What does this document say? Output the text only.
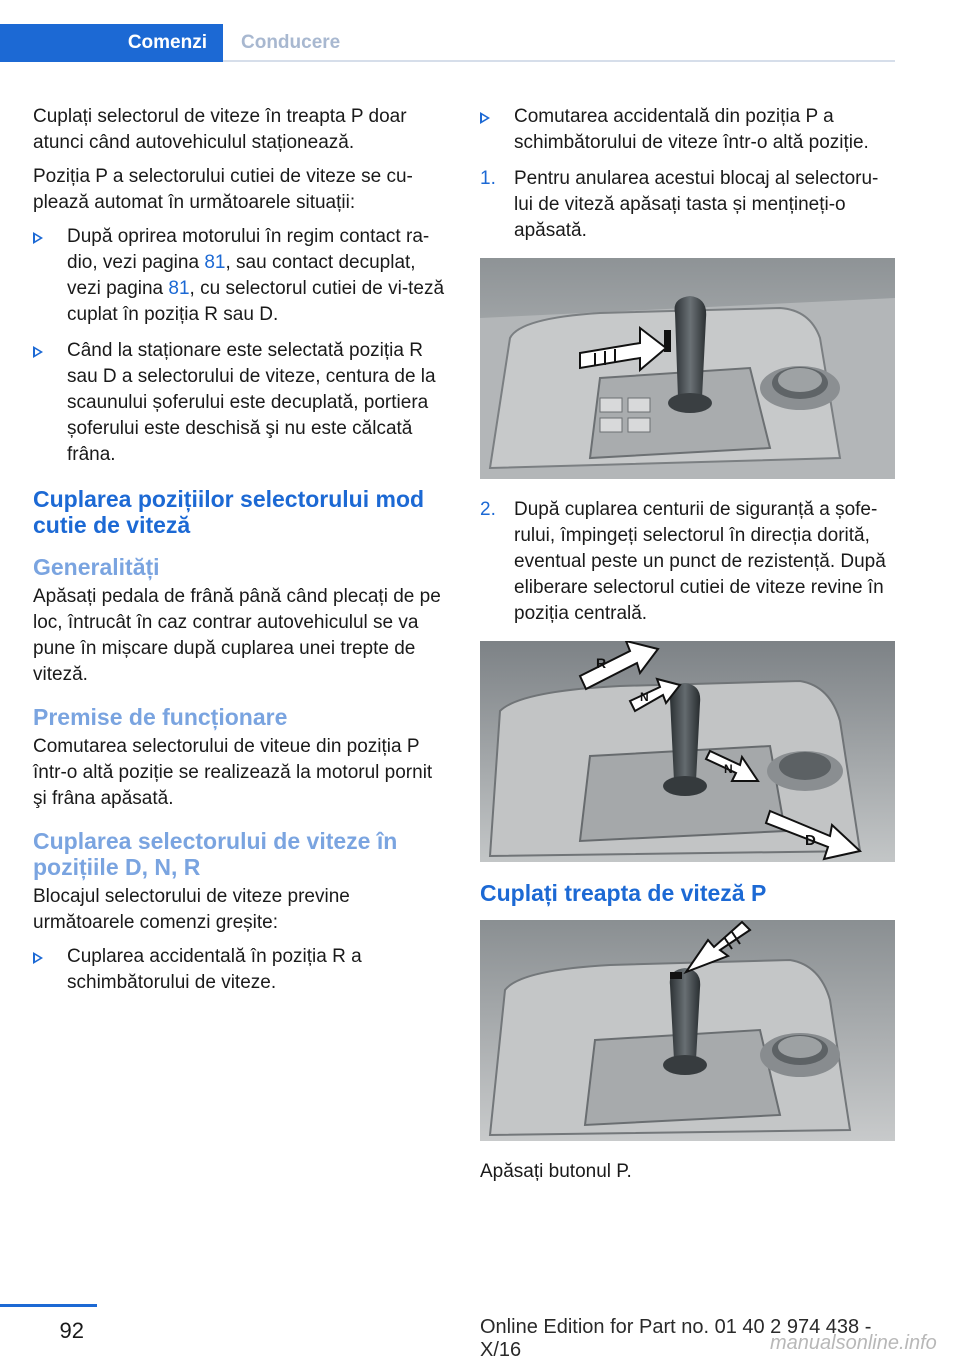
Comenzi	Conducere

Cuplați selectorul de viteze în treapta P doar atunci când autovehiculul staționează.

Poziția P a selectorului cutiei de viteze se cu‐plează automat în următoarele situații:

După oprirea motorului în regim contact ra‐dio, vezi pagina 81, sau contact decuplat, vezi pagina 81, cu selectorul cutiei de vi‐teză cuplat în poziția R sau D.
Când la staționare este selectată poziția R sau D a selectorului de viteze, centura de la scaunului șoferului este decuplată, portiera șoferului este deschisă şi nu este călcată frâna.
Cuplarea pozițiilor selectorului mod cutie de viteză
Generalități

Apăsați pedala de frână până când plecați de pe loc, întrucât în caz contrar autovehiculul se va pune în mișcare după cuplarea unei trepte de viteză.

Premise de funcționare

Comutarea selectorului de viteue din poziția P într-o altă poziție se realizează la motorul pornit şi frâna apăsată.

Cuplarea selectorului de viteze în pozițiile D, N, R

Blocajul selectorului de viteze previne următoarele comenzi greșite:

Cuplarea accidentală în poziția R a schimbătorului de viteze.
Comutarea accidentală din poziția P a schimbătorului de viteze într-o altă poziție.
1. Pentru anularea acestui blocaj al selectoru‐lui de viteză apăsați tasta și mențineți-o apăsată.
2. După cuplarea centurii de siguranță a șofe‐rului, împingeți selectorul în direcția dorită, eventual peste un punct de rezistență. După eliberare selectorul cutiei de viteze revine în poziția centrală.
R
N
N
D
Cuplați treapta de viteză P

Apăsați butonul P.

92	Online Edition for Part no. 01 40 2 974 438 - X/16	manualsonline.info
